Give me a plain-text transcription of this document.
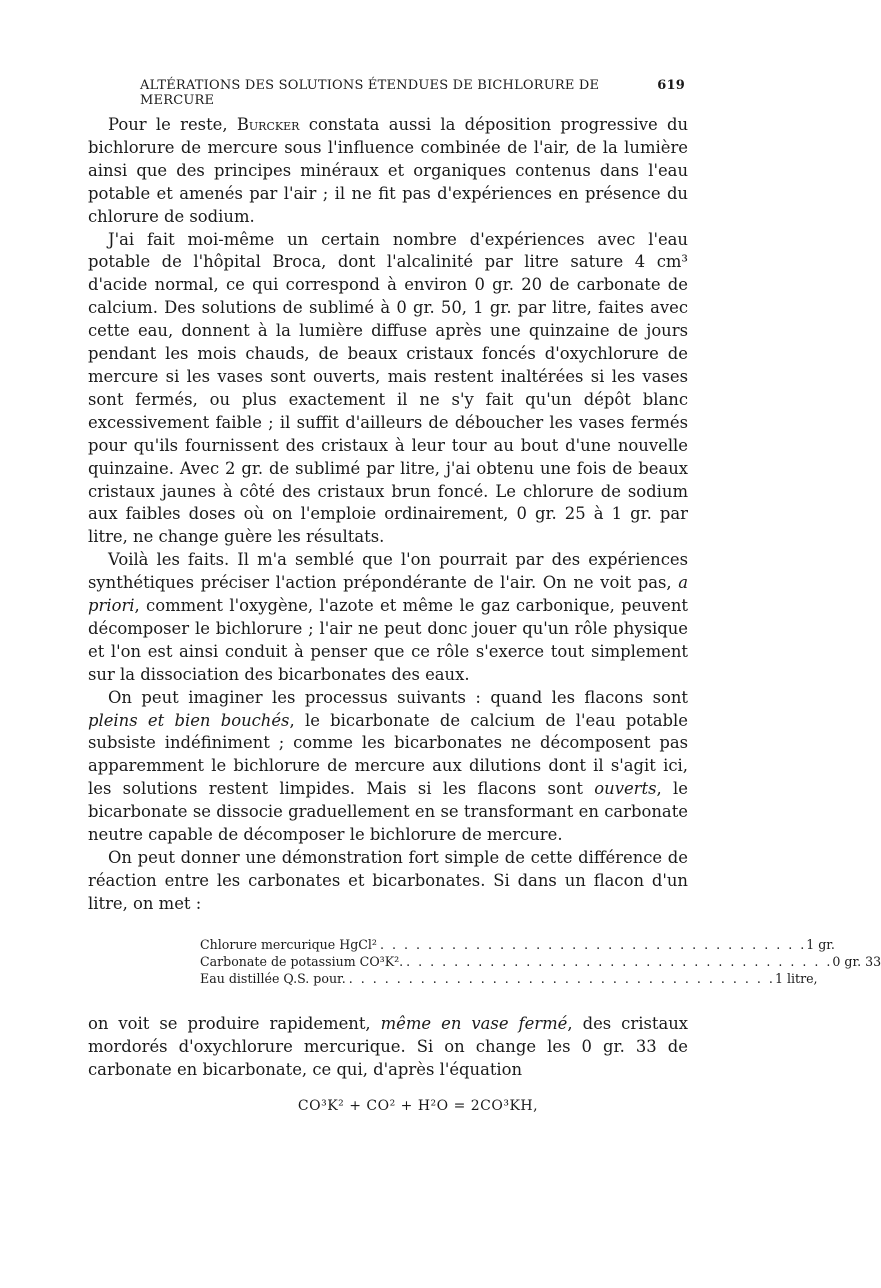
ALTÉRATIONS DES SOLUTIONS ÉTENDUES DE BICHLORURE DE MERCURE
619

Pour le reste, Burcker constata aussi la déposition progressive du bichlorure de mercure sous l'influence combinée de l'air, de la lumière ainsi que des principes minéraux et organiques contenus dans l'eau potable et amenés par l'air ; il ne fit pas d'expériences en présence du chlorure de sodium.

J'ai fait moi-même un certain nombre d'expériences avec l'eau potable de l'hôpital Broca, dont l'alcalinité par litre sature 4 cm³ d'acide normal, ce qui correspond à environ 0 gr. 20 de carbonate de calcium. Des solutions de sublimé à 0 gr. 50, 1 gr. par litre, faites avec cette eau, donnent à la lumière diffuse après une quinzaine de jours pendant les mois chauds, de beaux cristaux foncés d'oxychlorure de mercure si les vases sont ouverts, mais restent inaltérées si les vases sont fermés, ou plus exactement il ne s'y fait qu'un dépôt blanc excessivement faible ; il suffit d'ailleurs de déboucher les vases fermés pour qu'ils fournissent des cristaux à leur tour au bout d'une nouvelle quinzaine. Avec 2 gr. de sublimé par litre, j'ai obtenu une fois de beaux cristaux jaunes à côté des cristaux brun foncé. Le chlorure de sodium aux faibles doses où on l'emploie ordinairement, 0 gr. 25 à 1 gr. par litre, ne change guère les résultats.

Voilà les faits. Il m'a semblé que l'on pourrait par des expériences synthétiques préciser l'action prépondérante de l'air. On ne voit pas, a priori, comment l'oxygène, l'azote et même le gaz carbonique, peuvent décomposer le bichlorure ; l'air ne peut donc jouer qu'un rôle physique et l'on est ainsi conduit à penser que ce rôle s'exerce tout simplement sur la dissociation des bicarbonates des eaux.

On peut imaginer les processus suivants : quand les flacons sont pleins et bien bouchés, le bicarbonate de calcium de l'eau potable subsiste indéfiniment ; comme les bicarbonates ne décomposent pas apparemment le bichlorure de mercure aux dilutions dont il s'agit ici, les solutions restent limpides. Mais si les flacons sont ouverts, le bicarbonate se dissocie graduellement en se transformant en carbonate neutre capable de décomposer le bichlorure de mercure.

On peut donner une démonstration fort simple de cette différence de réaction entre les carbonates et bicarbonates. Si dans un flacon d'un litre, on met :

Chlorure mercurique HgCl² . . . . . . . . . . . . . . . . . . . . . . . . . . . . . . . . . . . . 1 gr.
Carbonate de potassium CO³K². . . . . . . . . . . . . . . . . . . . . . . . . . . . . . . . . . . . . 0 gr. 33
Eau distillée Q.S. pour. . . . . . . . . . . . . . . . . . . . . . . . . . . . . . . . . . . . . 1 litre,

on voit se produire rapidement, même en vase fermé, des cristaux mordorés d'oxychlorure mercurique. Si on change les 0 gr. 33 de carbonate en bicarbonate, ce qui, d'après l'équation

CO³K² + CO² + H²O = 2CO³KH,
